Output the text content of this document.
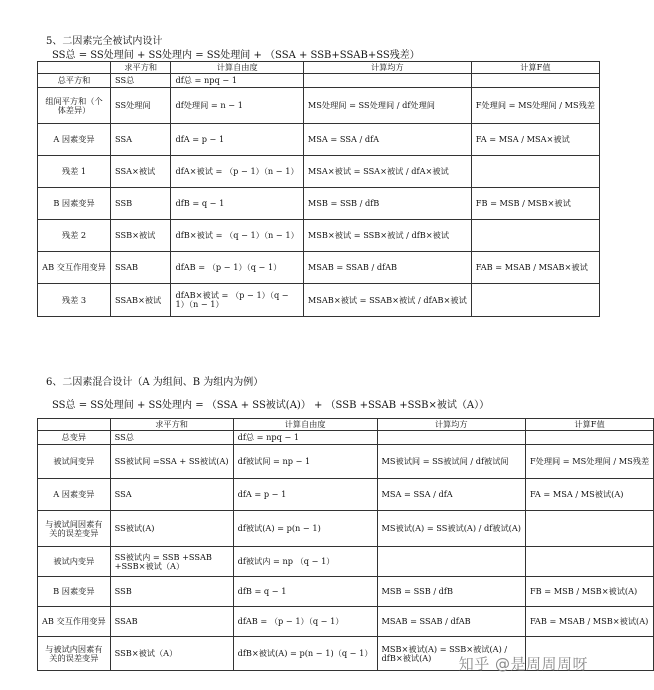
5、二因素完全被试内设计
SS总 = SS处理间 + SS处理内 = SS处理间 + （SSA + SSB+SSAB+SS残差）
	求平方和	计算自由度	计算均方	计算F值
总平方和	SS总	df总 = npq − 1		
组间平方和（个体差异）	SS处理间	df处理间 = n − 1	MS处理间 = SS处理间 / df处理间	F处理间 = MS处理间 / MS残差
A 因素变异	SSA	dfA = p − 1	MSA = SSA / dfA	FA = MSA / MSA×被试
残差 1	SSA×被试	dfA×被试 = （p − 1）（n − 1）	MSA×被试 = SSA×被试 / dfA×被试	
B 因素变异	SSB	dfB = q − 1	MSB = SSB / dfB	FB = MSB / MSB×被试
残差 2	SSB×被试	dfB×被试 = （q − 1）（n − 1）	MSB×被试 = SSB×被试 / dfB×被试	
AB 交互作用变异	SSAB	dfAB = （p − 1）（q − 1）	MSAB = SSAB / dfAB	FAB = MSAB / MSAB×被试
残差 3	SSAB×被试	dfAB×被试 = （p − 1）（q − 1）（n − 1）	MSAB×被试 = SSAB×被试 / dfAB×被试	
6、二因素混合设计（A 为组间、B 为组内为例）
SS总 = SS处理间 + SS处理内 = （SSA + SS被试(A)） + （SSB +SSAB +SSB×被试（A））
	求平方和	计算自由度	计算均方	计算F值
总变异	SS总	df总 = npq − 1		
被试间变异	SS被试间 =SSA + SS被试(A)	df被试间 = np − 1	MS被试间 = SS被试间 / df被试间	F处理间 = MS处理间 / MS残差
A 因素变异	SSA	dfA = p − 1	MSA = SSA / dfA	FA = MSA / MS被试(A)
与被试间因素有关的误差变异	SS被试(A)	df被试(A) = p(n − 1)	MS被试(A) = SS被试(A) / df被试(A)	
被试内变异	SS被试内 = SSB +SSAB +SSB×被试（A）	df被试内 = np （q − 1）		
B 因素变异	SSB	dfB = q − 1	MSB = SSB / dfB	FB = MSB / MSB×被试(A)
AB 交互作用变异	SSAB	dfAB = （p − 1）（q − 1）	MSAB = SSAB / dfAB	FAB = MSAB / MSB×被试(A)
与被试内因素有关的误差变异	SSB×被试（A）	dfB×被试(A) = p(n − 1)（q − 1）	MSB×被试(A) = SSB×被试(A) / dfB×被试(A)	知乎 @是周周周呀
